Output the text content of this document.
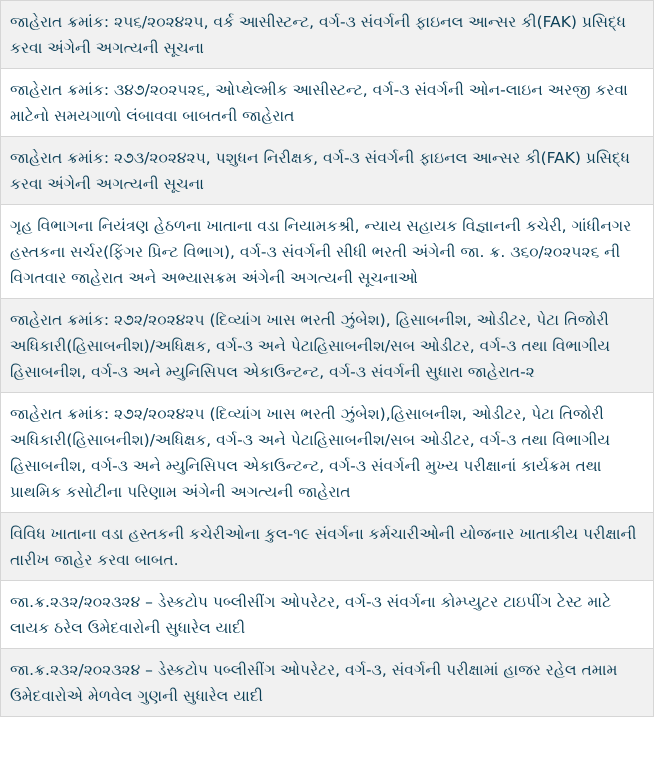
જાહેરાત ક્રમાંક: ૨૫૬/૨૦૨૪૨૫, વર્ક આસીસ્ટન્ટ, વર્ગ-૩ સંવર્ગની ફાઇનલ આન્સર કી(FAK) પ્રસિદ્ધ કરવા અંગેની અગત્યની સૂચના
જાહેરાત ક્રમાંક: ૩૪૭/૨૦૨૫૨૬, ઓપ્થેલ્મીક આસીસ્ટન્ટ, વર્ગ-૩ સંવર્ગની ઓન-લાઇન અરજી કરવા માટેનો સમયગાળો લંબાવવા બાબતની જાહેરાત
જાહેરાત ક્રમાંક: ૨૭૩/૨૦૨૪૨૫, પશુધન નિરીક્ષક, વર્ગ-૩ સંવર્ગની ફાઇનલ આન્સર કી(FAK) પ્રસિદ્ધ કરવા અંગેની અગત્યની સૂચના
ગૃહ વિભાગના નિયંત્રણ હેઠળના ખાતાના વડા નિયામકશ્રી, ન્યાય સહાયક વિજ્ઞાનની કચેરી, ગાંધીનગર હસ્તકના સર્ચર(ફિંગર પ્રિન્ટ વિભાગ), વર્ગ-૩ સંવર્ગની સીધી ભરતી અંગેની જા. ક્ર. ૩૬૦/૨૦૨૫૨૬ ની વિગતવાર જાહેરાત અને અભ્યાસક્રમ અંગેની અગત્યની સૂચનાઓ
જાહેરાત ક્રમાંક: ૨૭૨/૨૦૨૪૨૫ (દિવ્યાંગ ખાસ ભરતી ઝુંબેશ), હિસાબનીશ, ઓડીટર, પેટા તિજોરી અધિકારી(હિસાબનીશ)/અધિક્ષક, વર્ગ-૩ અને પેટાહિસાબનીશ/સબ ઓડીટર, વર્ગ-૩ તથા વિભાગીય હિસાબનીશ, વર્ગ-૩ અને મ્યુનિસિપલ એકાઉન્ટન્ટ, વર્ગ-૩ સંવર્ગની સુધારા જાહેરાત-૨
જાહેરાત ક્રમાંક: ૨૭૨/૨૦૨૪૨૫ (દિવ્યાંગ ખાસ ભરતી ઝુંબેશ),હિસાબનીશ, ઓડીટર, પેટા તિજોરી અધિકારી(હિસાબનીશ)/અધિક્ષક, વર્ગ-૩ અને પેટાહિસાબનીશ/સબ ઓડીટર, વર્ગ-૩ તથા વિભાગીય હિસાબનીશ, વર્ગ-૩ અને મ્યુનિસિપલ એકાઉન્ટન્ટ, વર્ગ-૩ સંવર્ગની મુખ્ય પરીક્ષાનાં કાર્યક્રમ તથા પ્રાથમિક કસોટીના પરિણામ અંગેની અગત્યની જાહેરાત
વિવિધ ખાતાના વડા હસ્તકની કચેરીઓના કુલ-૧૯ સંવર્ગના કર્મચારીઓની યોજનાર ખાતાકીય પરીક્ષાની તારીખ જાહેર કરવા બાબત.
જા.ક્ર.૨૩૨/૨૦૨૩૨૪ – ડેસ્કટોપ પબ્લીસીંગ ઓપરેટર, વર્ગ-૩ સંવર્ગના કોમ્પ્યુટર ટાઇપીંગ ટેસ્ટ માટે લાયક ઠરેલ ઉમેદવારોની સુધારેલ યાદી
જા.ક્ર.૨૩૨/૨૦૨૩૨૪ – ડેસ્કટોપ પબ્લીસીંગ ઓપરેટર, વર્ગ-૩, સંવર્ગની પરીક્ષામાં હાજર રહેલ તમામ ઉમેદવારોએ મેળવેલ ગુણની સુધારેલ યાદી
